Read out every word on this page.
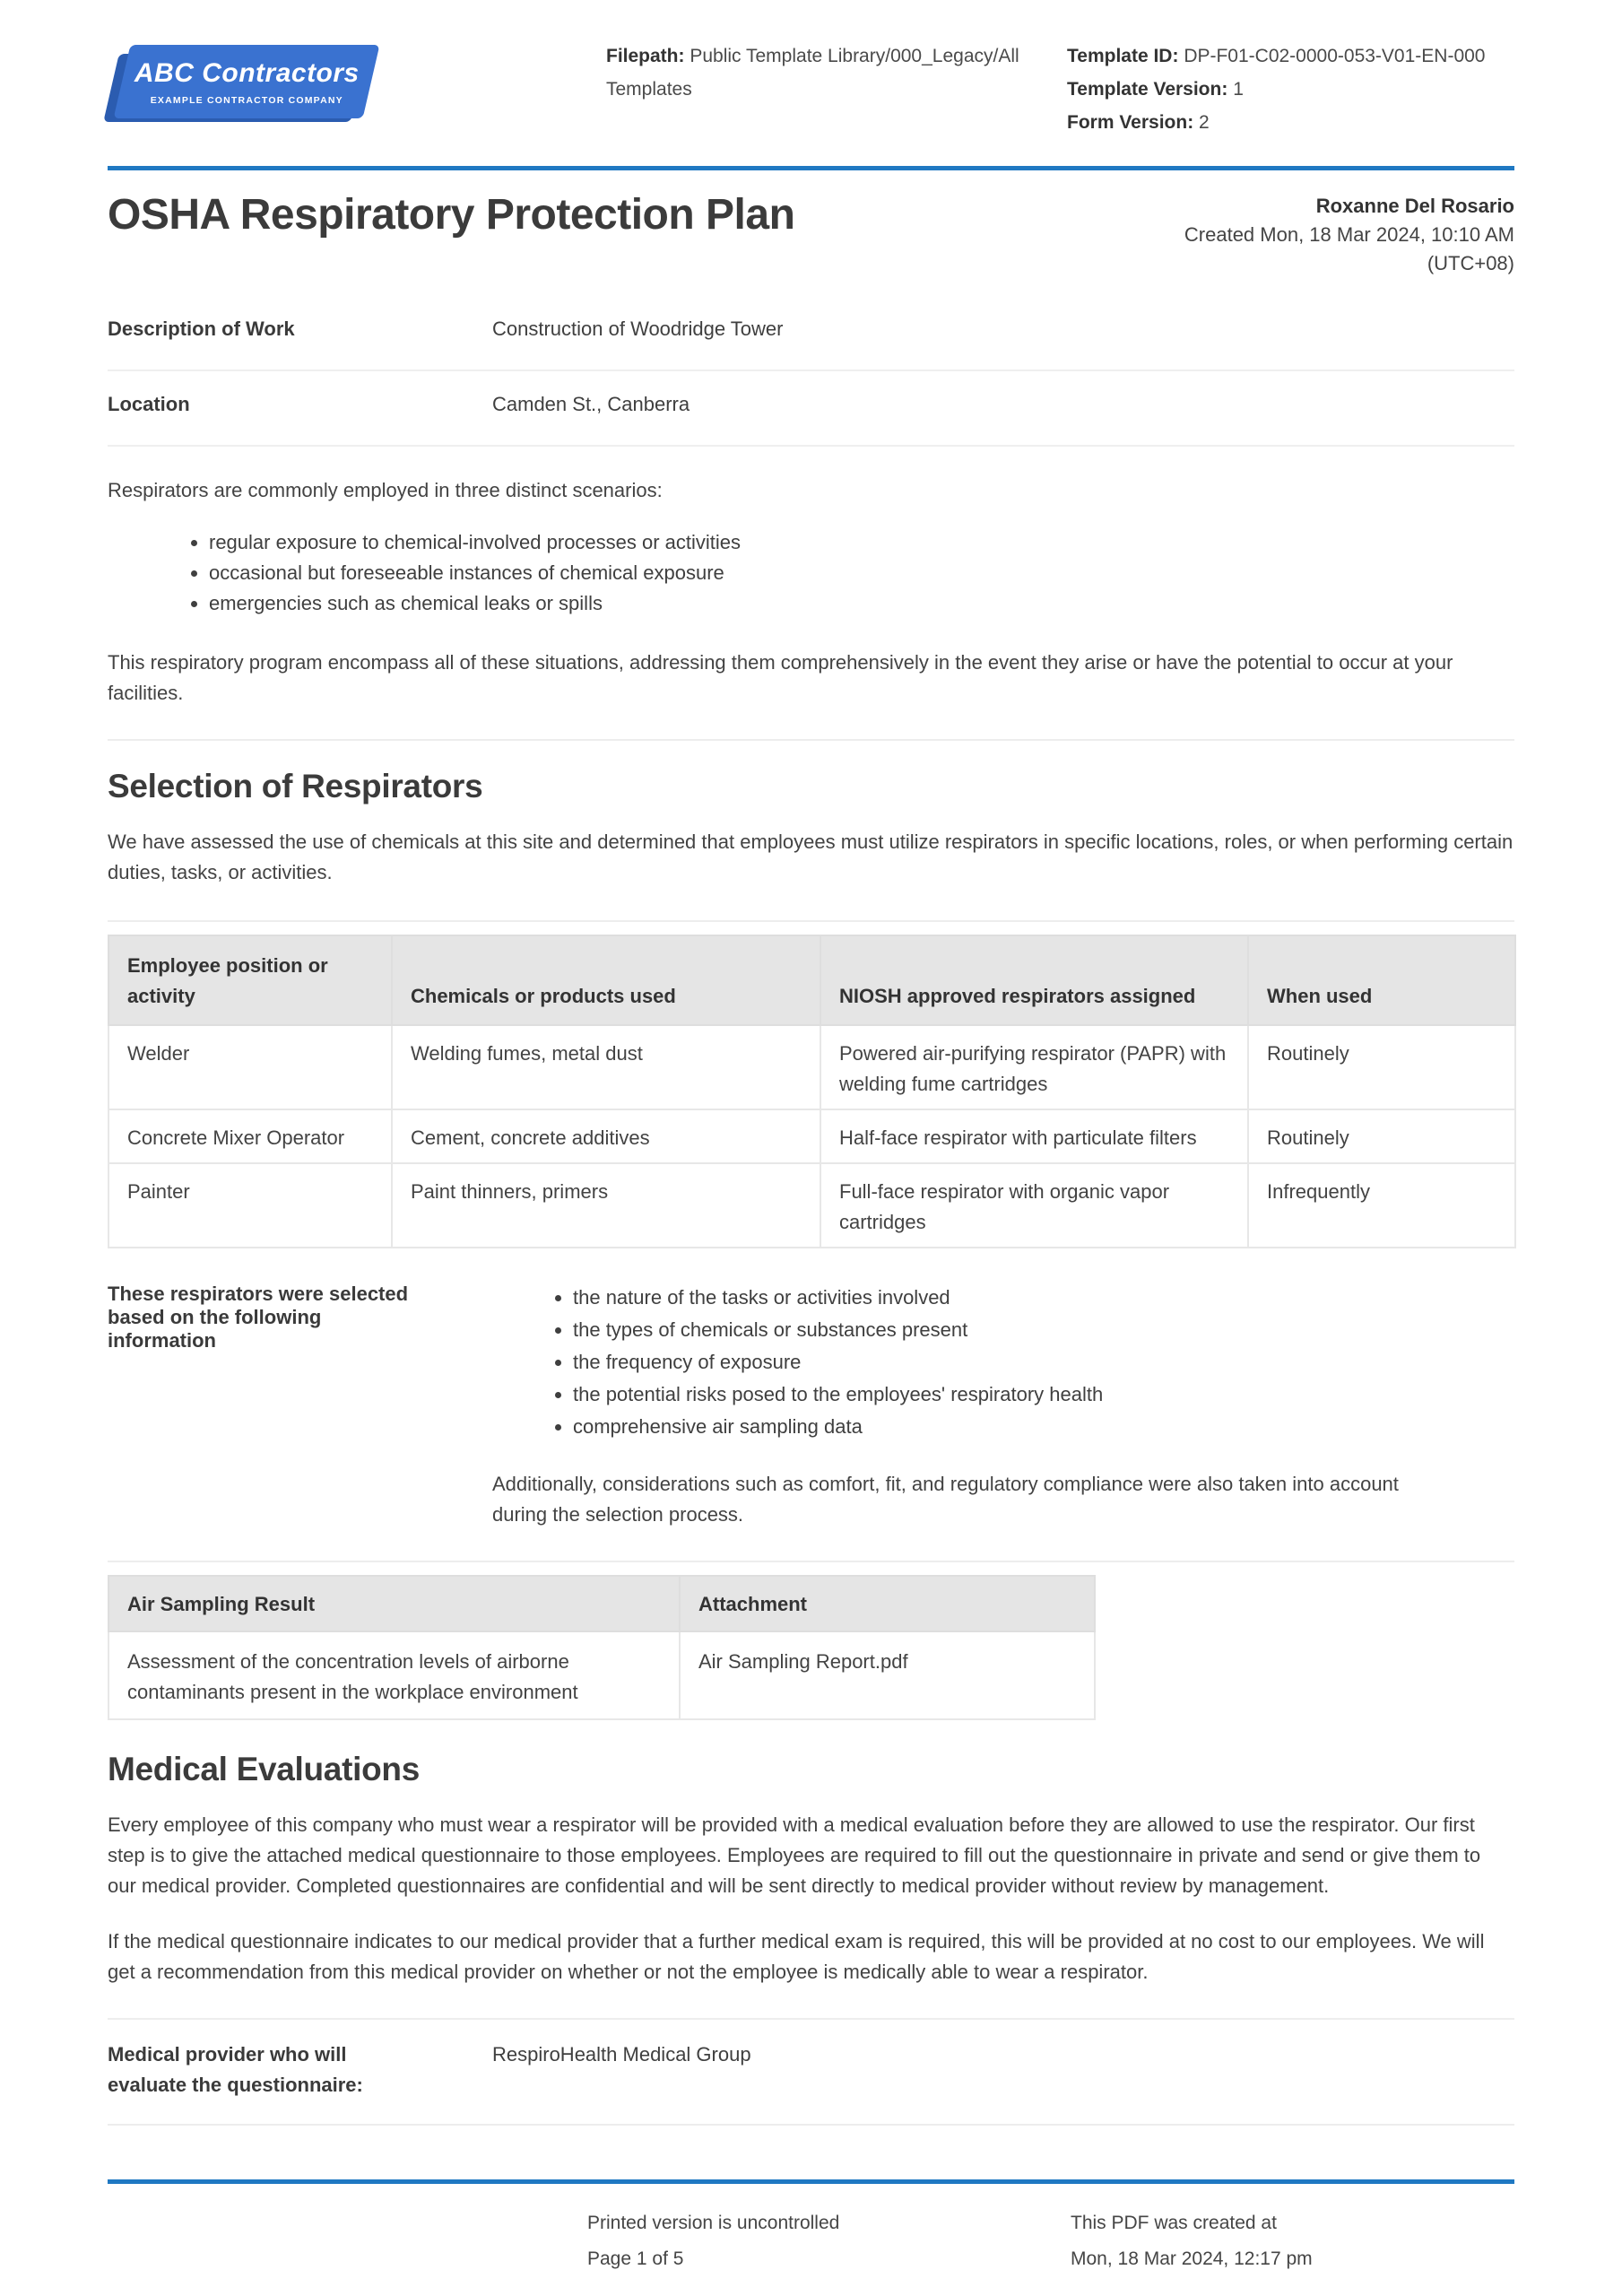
ABC Contractors
EXAMPLE CONTRACTOR COMPANY
Filepath: Public Template Library/000_Legacy/All Templates
Template ID: DP-F01-C02-0000-053-V01-EN-000
Template Version: 1
Form Version: 2
OSHA Respiratory Protection Plan	Roxanne Del Rosario
Created Mon, 18 Mar 2024, 10:10 AM
(UTC+08)
Description of Work	Construction of Woodridge Tower
Location	Camden St., Canberra

Respirators are commonly employed in three distinct scenarios:

• regular exposure to chemical-involved processes or activities
• occasional but foreseeable instances of chemical exposure
• emergencies such as chemical leaks or spills

This respiratory program encompass all of these situations, addressing them comprehensively in the event they arise or have the potential to occur at your facilities.

Selection of Respirators

We have assessed the use of chemicals at this site and determined that employees must utilize respirators in specific locations, roles, or when performing certain duties, tasks, or activities.

Employee position or activity	Chemicals or products used	NIOSH approved respirators assigned	When used
Welder	Welding fumes, metal dust	Powered air-purifying respirator (PAPR) with welding fume cartridges	Routinely
Concrete Mixer Operator	Cement, concrete additives	Half-face respirator with particulate filters	Routinely
Painter	Paint thinners, primers	Full-face respirator with organic vapor cartridges	Infrequently
These respirators were selected based on the following information
• the nature of the tasks or activities involved
• the types of chemicals or substances present
• the frequency of exposure
• the potential risks posed to the employees' respiratory health
• comprehensive air sampling data

Additionally, considerations such as comfort, fit, and regulatory compliance were also taken into account during the selection process.

Air Sampling Result	Attachment
Assessment of the concentration levels of airborne contaminants present in the workplace environment	Air Sampling Report.pdf
Medical Evaluations

Every employee of this company who must wear a respirator will be provided with a medical evaluation before they are allowed to use the respirator. Our first step is to give the attached medical questionnaire to those employees. Employees are required to fill out the questionnaire in private and send or give them to our medical provider. Completed questionnaires are confidential and will be sent directly to medical provider without review by management.

If the medical questionnaire indicates to our medical provider that a further medical exam is required, this will be provided at no cost to our employees. We will get a recommendation from this medical provider on whether or not the employee is medically able to wear a respirator.

Medical provider who will evaluate the questionnaire:
RespiroHealth Medical Group
Printed version is uncontrolled
Page 1 of 5
This PDF was created at
Mon, 18 Mar 2024, 12:17 pm
